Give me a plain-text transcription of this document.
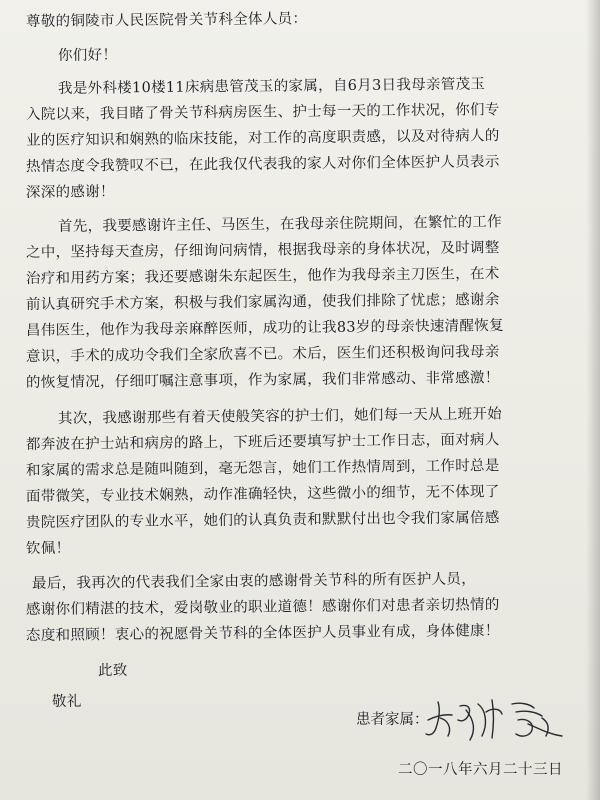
尊敬的铜陵市人民医院骨关节科全体人员：
你们好！
我是外科楼10楼11床病患管茂玉的家属，自6月3日我母亲管茂玉
入院以来，我目睹了骨关节科病房医生、护士每一天的工作状况，你们专
业的医疗知识和娴熟的临床技能，对工作的高度职责感，以及对待病人的
热情态度令我赞叹不已，在此我仅代表我的家人对你们全体医护人员表示
深深的感谢！
首先，我要感谢许主任、马医生，在我母亲住院期间，在繁忙的工作
之中，坚持每天查房，仔细询问病情，根据我母亲的身体状况，及时调整
治疗和用药方案；我还要感谢朱东起医生，他作为我母亲主刀医生，在术
前认真研究手术方案，积极与我们家属沟通，使我们排除了忧虑；感谢余
昌伟医生，他作为我母亲麻醉医师，成功的让我83岁的母亲快速清醒恢复
意识，手术的成功令我们全家欣喜不已。术后，医生们还积极询问我母亲
的恢复情况，仔细叮嘱注意事项，作为家属，我们非常感动、非常感激！
其次，我感谢那些有着天使般笑容的护士们，她们每一天从上班开始
都奔波在护士站和病房的路上，下班后还要填写护士工作日志，面对病人
和家属的需求总是随叫随到，毫无怨言，她们工作热情周到，工作时总是
面带微笑，专业技术娴熟，动作准确轻快，这些微小的细节，无不体现了
贵院医疗团队的专业水平，她们的认真负责和默默付出也令我们家属倍感
钦佩！
最后，我再次的代表我们全家由衷的感谢骨关节科的所有医护人员，
感谢你们精湛的技术，爱岗敬业的职业道德！感谢你们对患者亲切热情的
态度和照顾！衷心的祝愿骨关节科的全体医护人员事业有成，身体健康！
此致
敬礼
患者家属：
二〇一八年六月二十三日
